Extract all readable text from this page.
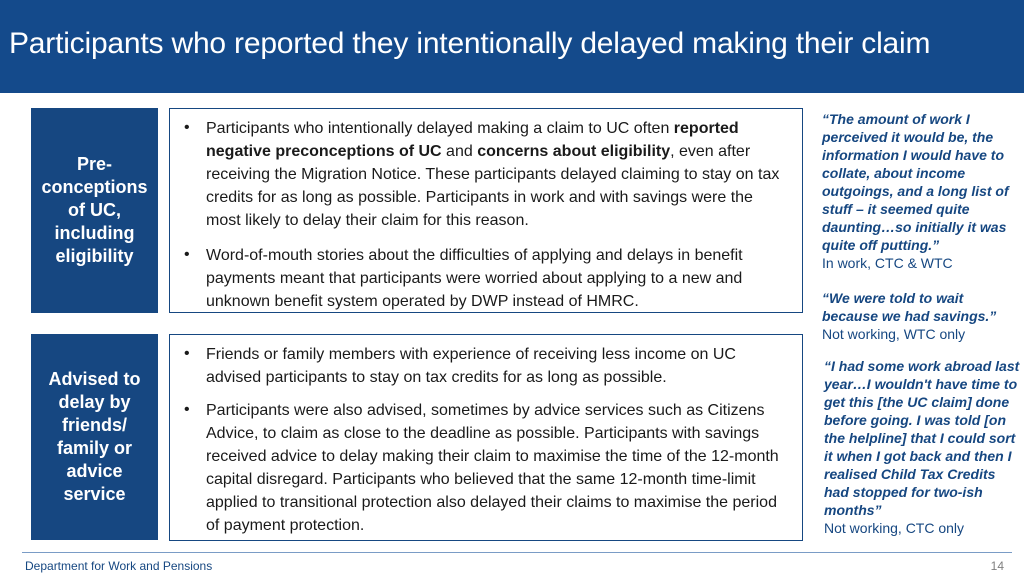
Participants who reported they intentionally delayed making their claim
Pre-conceptions of UC, including eligibility
• Participants who intentionally delayed making a claim to UC often reported negative preconceptions of UC and concerns about eligibility, even after receiving the Migration Notice. These participants delayed claiming to stay on tax credits for as long as possible. Participants in work and with savings were the most likely to delay their claim for this reason.
• Word-of-mouth stories about the difficulties of applying and delays in benefit payments meant that participants were worried about applying to a new and unknown benefit system operated by DWP instead of HMRC.
Advised to delay by friends/ family or advice service
• Friends or family members with experience of receiving less income on UC advised participants to stay on tax credits for as long as possible.
• Participants were also advised, sometimes by advice services such as Citizens Advice, to claim as close to the deadline as possible. Participants with savings received advice to delay making their claim to maximise the time of the 12-month capital disregard. Participants who believed that the same 12-month time-limit applied to transitional protection also delayed their claims to maximise the period of payment protection.
“The amount of work I perceived it would be, the information I would have to collate, about income outgoings, and a long list of stuff – it seemed quite daunting…so initially it was quite off putting.”
In work, CTC & WTC
“We were told to wait because we had savings.”
Not working, WTC only
“I had some work abroad last year…I wouldn't have time to get this [the UC claim] done before going. I was told [on the helpline] that I could sort it when I got back and then I realised Child Tax Credits had stopped for two-ish months”
Not working, CTC only
Department for Work and Pensions	14
